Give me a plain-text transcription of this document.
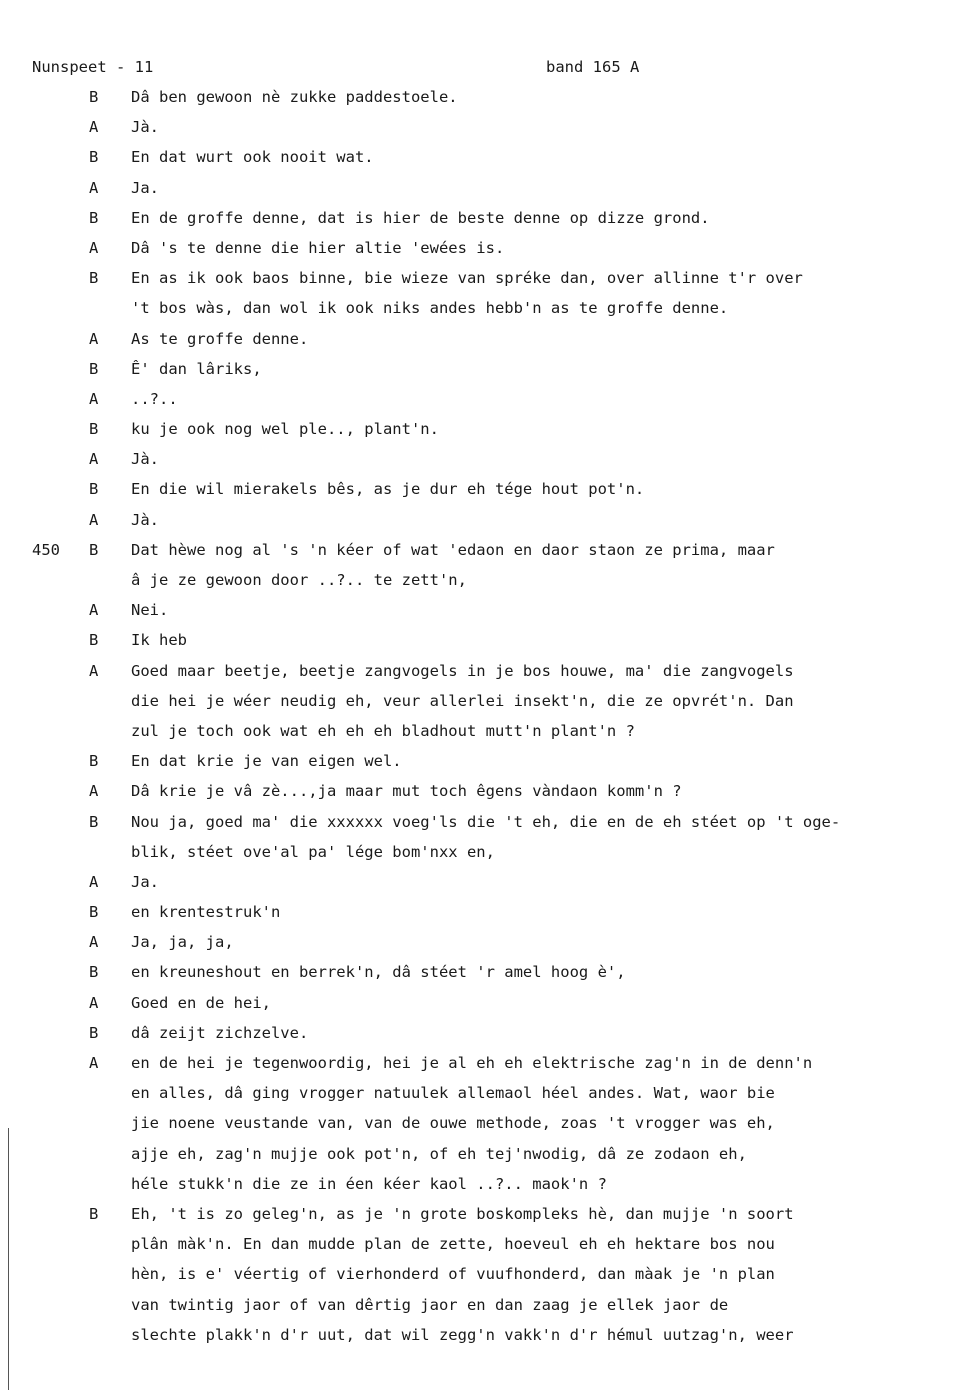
Nunspeet - 11	band 165 A
B Dâ ben gewoon nè zukke paddestoele.
A Jà.
B En dat wurt ook nooit wat.
A Ja.
B En de groffe denne, dat is hier de beste denne op dizze grond.
A Dâ 's te denne die hier altie 'ewées is.
B En as ik ook baos binne, bie wieze van spréke dan, over allinne t'r over
't bos wàs, dan wol ik ook niks andes hebb'n as te groffe denne.
A As te groffe denne.
B Ê' dan lâriks,
A ..?..
B ku je ook nog wel ple.., plant'n.
A Jà.
B En die wil mierakels bês, as je dur eh tége hout pot'n.
A Jà.
450 B Dat hèwe nog al 's 'n kéer of wat 'edaon en daor staon ze prima, maar
â je ze gewoon door ..?.. te zett'n,
A Nei.
B Ik heb
A Goed maar beetje, beetje zangvogels in je bos houwe, ma' die zangvogels
die hei je wéer neudig eh, veur allerlei insekt'n, die ze opvrét'n. Dan
zul je toch ook wat eh eh eh bladhout mutt'n plant'n ?
B En dat krie je van eigen wel.
A Dâ krie je vâ zè...,ja maar mut toch êgens vàndaon komm'n ?
B Nou ja, goed ma' die xxxxxx voeg'ls die 't eh, die en de eh stéet op 't oge-
blik, stéet ove'al pa' lége bom'nxx en,
A Ja.
B en krentestruk'n
A Ja, ja, ja,
B en kreuneshout en berrek'n, dâ stéet 'r amel hoog è',
A Goed en de hei,
B dâ zeijt zichzelve.
A en de hei je tegenwoordig, hei je al eh eh elektrische zag'n in de denn'n
en alles, dâ ging vrogger natuulek allemaol héel andes. Wat, waor bie
jie noene veustande van, van de ouwe methode, zoas 't vrogger was eh,
ajje eh, zag'n mujje ook pot'n, of eh tej'nwodig, dâ ze zodaon eh,
héle stukk'n die ze in éen kéer kaol ..?.. maok'n ?
B Eh, 't is zo geleg'n, as je 'n grote boskompleks hè, dan mujje 'n soort
plân màk'n. En dan mudde plan de zette, hoeveul eh eh hektare bos nou
hèn, is e' véertig of vierhonderd of vuufhonderd, dan màak je 'n plan
van twintig jaor of van dêrtig jaor en dan zaag je ellek jaor de
slechte plakk'n d'r uut, dat wil zegg'n vakk'n d'r hémul uutzag'n, weer
